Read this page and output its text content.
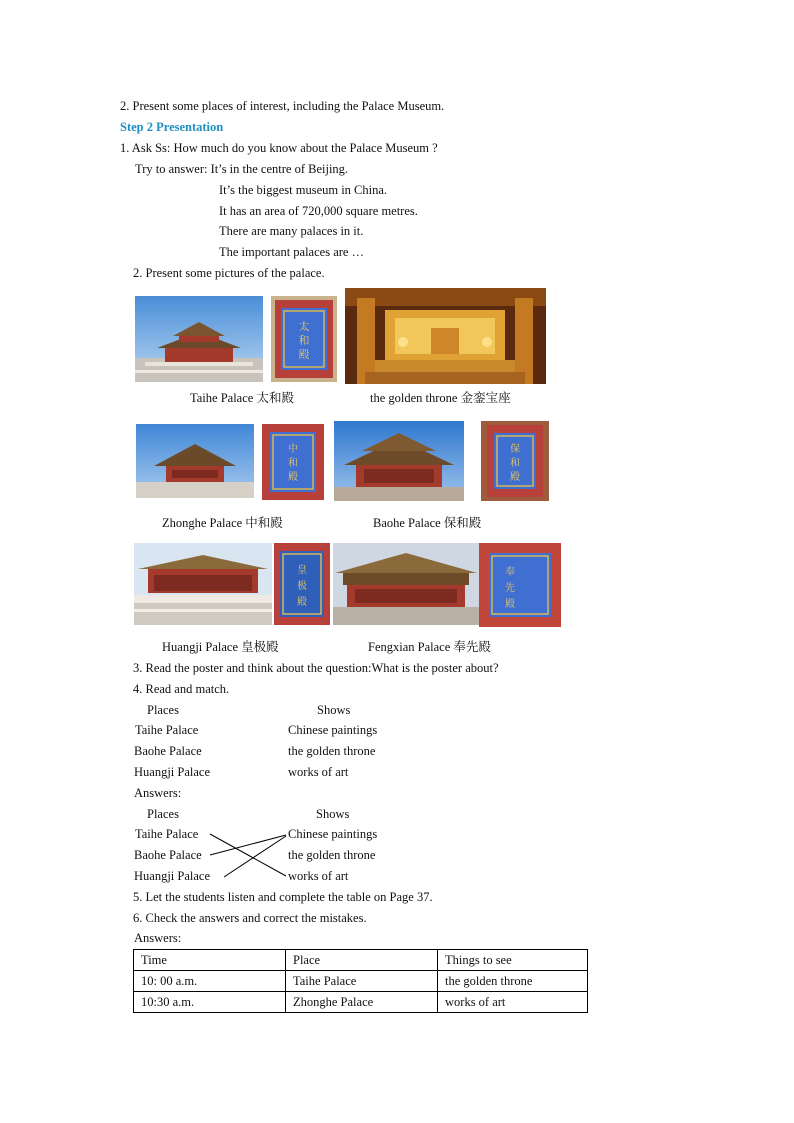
2. Present some places of interest, including the Palace Museum.
Step 2 Presentation
1. Ask Ss: How much do you know about the Palace Museum ?
Try to answer: It’s in the centre of Beijing.
It’s the biggest museum in China.
It has an area of 720,000 square metres.
There are many palaces in it.
The important palaces are …
2. Present some pictures of the palace.
太
和
殿
Taihe Palace 太和殿	the golden throne 金銮宝座
中
和
殿
保
和
殿
Zhonghe Palace 中和殿	Baohe Palace 保和殿
皇
极
殿
奉
先
殿
Huangji Palace 皇极殿	Fengxian Palace 奉先殿
3. Read the poster and think about the question:What is the poster about?
4. Read and match.
Places	Shows
Taihe Palace	Chinese paintings
Baohe Palace	the golden throne
Huangji Palace	works of art
Answers:
Places	Shows
Taihe Palace	Chinese paintings
Baohe Palace	the golden throne
Huangji Palace	works of art
5. Let the students listen and complete the table on Page 37.
6. Check the answers and correct the mistakes.
Answers:
Time	Place	Things to see
10: 00 a.m.	Taihe Palace	the golden throne
10:30 a.m.	Zhonghe Palace	works of art
